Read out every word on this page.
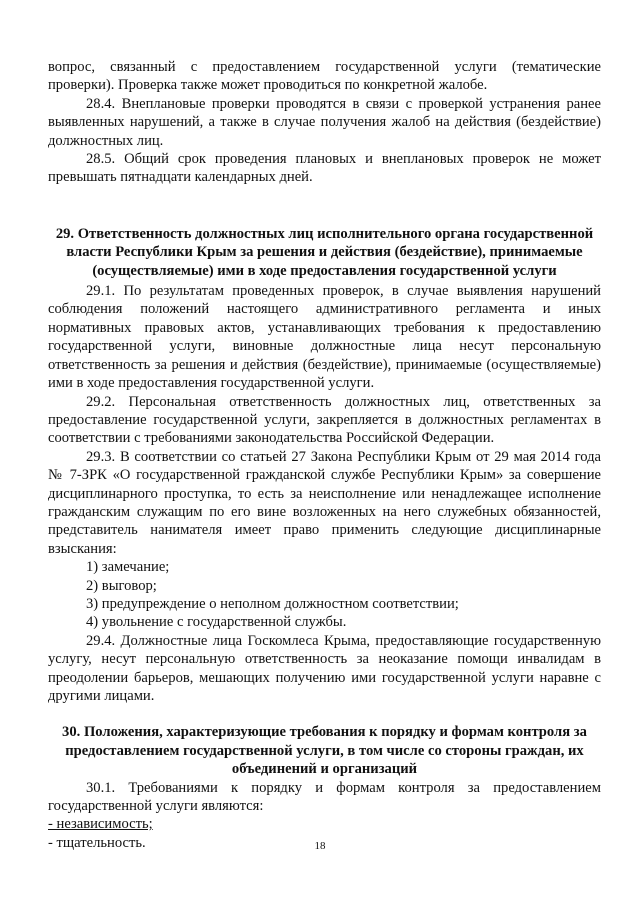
вопрос, связанный с предоставлением государственной услуги (тематические проверки). Проверка также может проводиться по конкретной жалобе.

28.4. Внеплановые проверки проводятся в связи с проверкой устранения ранее выявленных нарушений, а также в случае получения жалоб на действия (бездействие) должностных лиц.

28.5. Общий срок проведения плановых и внеплановых проверок не может превышать пятнадцати календарных дней.

29. Ответственность должностных лиц исполнительного органа государственной власти Республики Крым за решения и действия (бездействие), принимаемые (осуществляемые) ими в ходе предоставления государственной услуги

29.1. По результатам проведенных проверок, в случае выявления нарушений соблюдения положений настоящего административного регламента и иных нормативных правовых актов, устанавливающих требования к предоставлению государственной услуги, виновные должностные лица несут персональную ответственность за решения и действия (бездействие), принимаемые (осуществляемые) ими в ходе предоставления государственной услуги.

29.2. Персональная ответственность должностных лиц, ответственных за предоставление государственной услуги, закрепляется в должностных регламентах в соответствии с требованиями законодательства Российской Федерации.

29.3. В соответствии со статьей 27 Закона Республики Крым от 29 мая 2014 года № 7-ЗРК «О государственной гражданской службе Республики Крым» за совершение дисциплинарного проступка, то есть за неисполнение или ненадлежащее исполнение гражданским служащим по его вине возложенных на него служебных обязанностей, представитель нанимателя имеет право применить следующие дисциплинарные взыскания:

1) замечание;

2) выговор;

3) предупреждение о неполном должностном соответствии;

4) увольнение с государственной службы.

29.4. Должностные лица Госкомлеса Крыма, предоставляющие государственную услугу, несут персональную ответственность за неоказание помощи инвалидам в преодолении барьеров, мешающих получению ими государственной услуги наравне с другими лицами.

30. Положения, характеризующие требования к порядку и формам контроля за предоставлением государственной услуги, в том числе со стороны граждан, их объединений и организаций

30.1. Требованиями к порядку и формам контроля за предоставлением государственной услуги являются:

- независимость;

- тщательность.	18
